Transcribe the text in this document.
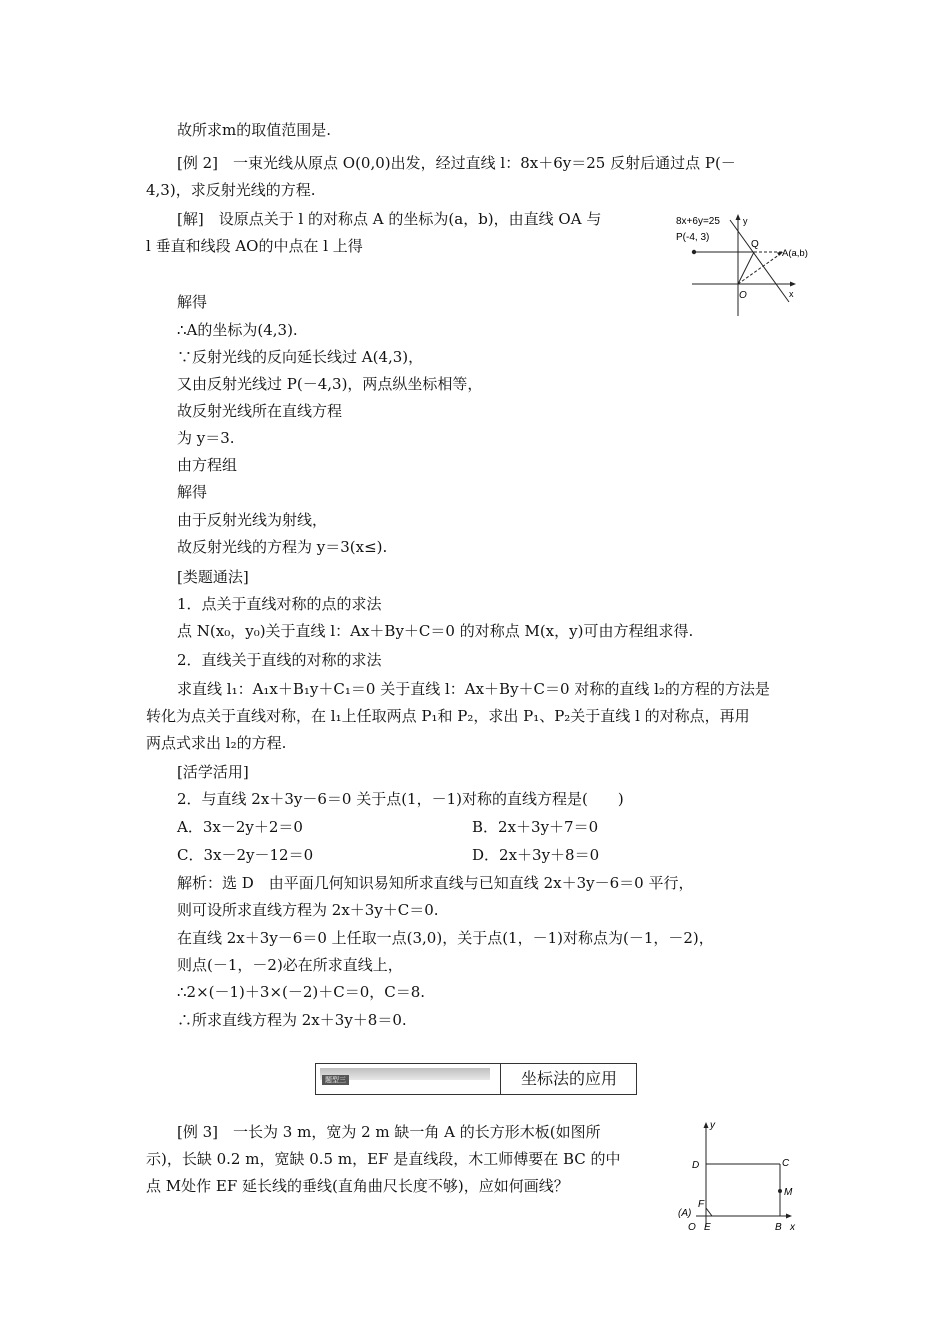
故所求m的取值范围是.
[例 2]　一束光线从原点 O(0,0)出发，经过直线 l：8x＋6y＝25 反射后通过点 P(－
4,3)，求反射光线的方程.
[解]　设原点关于 l 的对称点 A 的坐标为(a，b)，由直线 OA 与
l 垂直和线段 AO的中点在 l 上得
8x+6y=25
P(-4, 3)
Q
A(a,b)
O	x
y
解得
∴A的坐标为(4,3).
∵反射光线的反向延长线过 A(4,3)，
又由反射光线过 P(－4,3)，两点纵坐标相等，
故反射光线所在直线方程
为 y＝3.
由方程组
解得
由于反射光线为射线，
故反射光线的方程为 y＝3(x≤).
[类题通法]
1．点关于直线对称的点的求法
点 N(x₀，y₀)关于直线 l：Ax＋By＋C＝0 的对称点 M(x，y)可由方程组求得.
2．直线关于直线的对称的求法
求直线 l₁：A₁x＋B₁y＋C₁＝0 关于直线 l：Ax＋By＋C＝0 对称的直线 l₂的方程的方法是
转化为点关于直线对称，在 l₁上任取两点 P₁和 P₂，求出 P₁、P₂关于直线 l 的对称点，再用
两点式求出 l₂的方程.
[活学活用]
2．与直线 2x＋3y－6＝0 关于点(1，－1)对称的直线方程是(　　)
A．3x－2y＋2＝0	B．2x＋3y＋7＝0
C．3x－2y－12＝0	D．2x＋3y＋8＝0
解析：选 D　由平面几何知识易知所求直线与已知直线 2x＋3y－6＝0 平行，
则可设所求直线方程为 2x＋3y＋C＝0.
在直线 2x＋3y－6＝0 上任取一点(3,0)，关于点(1，－1)对称点为(－1，－2)，
则点(－1，－2)必在所求直线上，
∴2×(－1)＋3×(－2)＋C＝0，C＝8.
∴所求直线方程为 2x＋3y＋8＝0.
题型三	坐标法的应用
[例 3]　一长为 3 m，宽为 2 m 缺一角 A 的长方形木板(如图所
示)，长缺 0.2 m，宽缺 0.5 m，EF 是直线段，木工师傅要在 BC 的中
点 M处作 EF 延长线的垂线(直角曲尺长度不够)，应如何画线？
y
x
D	C
M
F
(A)
O E	B
